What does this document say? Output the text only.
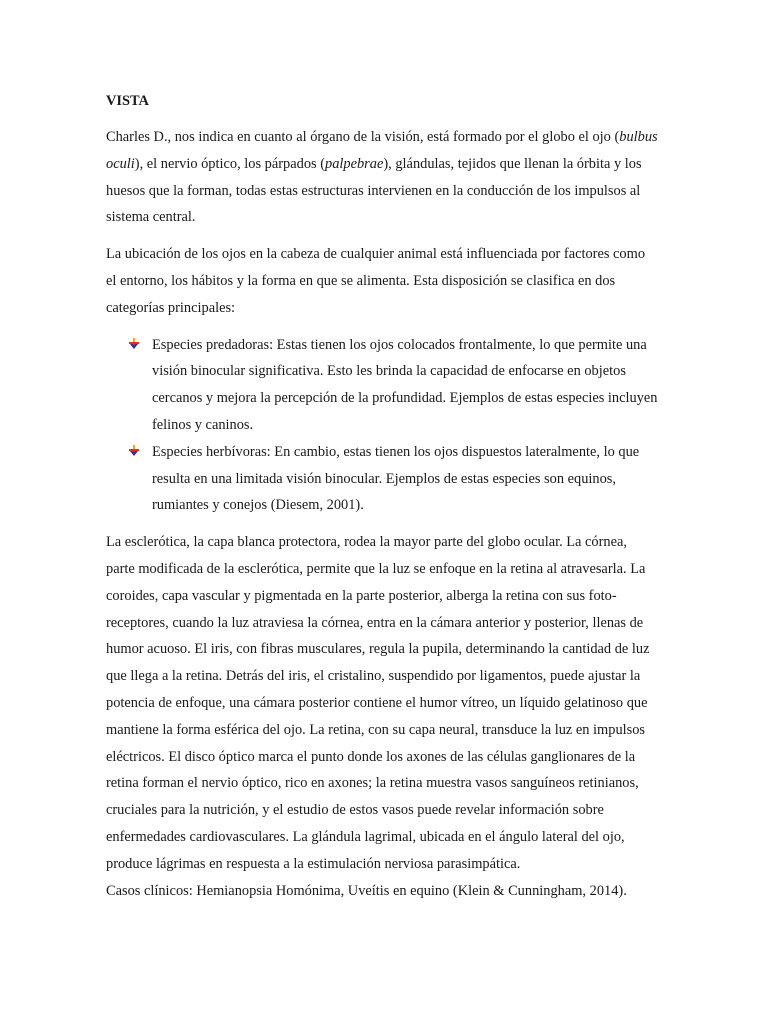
VISTA

Charles D., nos indica en cuanto al órgano de la visión, está formado por el globo el ojo (bulbus oculi), el nervio óptico, los párpados (palpebrae), glándulas, tejidos que llenan la órbita y los huesos que la forman, todas estas estructuras intervienen en la conducción de los impulsos al sistema central.

La ubicación de los ojos en la cabeza de cualquier animal está influenciada por factores como el entorno, los hábitos y la forma en que se alimenta. Esta disposición se clasifica en dos categorías principales:

Especies predadoras: Estas tienen los ojos colocados frontalmente, lo que permite una visión binocular significativa. Esto les brinda la capacidad de enfocarse en objetos cercanos y mejora la percepción de la profundidad. Ejemplos de estas especies incluyen felinos y caninos.
Especies herbívoras: En cambio, estas tienen los ojos dispuestos lateralmente, lo que resulta en una limitada visión binocular. Ejemplos de estas especies son equinos, rumiantes y conejos (Diesem, 2001).

La esclerótica, la capa blanca protectora, rodea la mayor parte del globo ocular. La córnea, parte modificada de la esclerótica, permite que la luz se enfoque en la retina al atravesarla. La coroides, capa vascular y pigmentada en la parte posterior, alberga la retina con sus foto-receptores, cuando la luz atraviesa la córnea, entra en la cámara anterior y posterior, llenas de humor acuoso. El iris, con fibras musculares, regula la pupila, determinando la cantidad de luz que llega a la retina. Detrás del iris, el cristalino, suspendido por ligamentos, puede ajustar la potencia de enfoque, una cámara posterior contiene el humor vítreo, un líquido gelatinoso que mantiene la forma esférica del ojo. La retina, con su capa neural, transduce la luz en impulsos eléctricos. El disco óptico marca el punto donde los axones de las células ganglionares de la retina forman el nervio óptico, rico en axones; la retina muestra vasos sanguíneos retinianos, cruciales para la nutrición, y el estudio de estos vasos puede revelar información sobre enfermedades cardiovasculares. La glándula lagrimal, ubicada en el ángulo lateral del ojo, produce lágrimas en respuesta a la estimulación nerviosa parasimpática.

Casos clínicos: Hemianopsia Homónima, Uveítis en equino (Klein & Cunningham, 2014).
